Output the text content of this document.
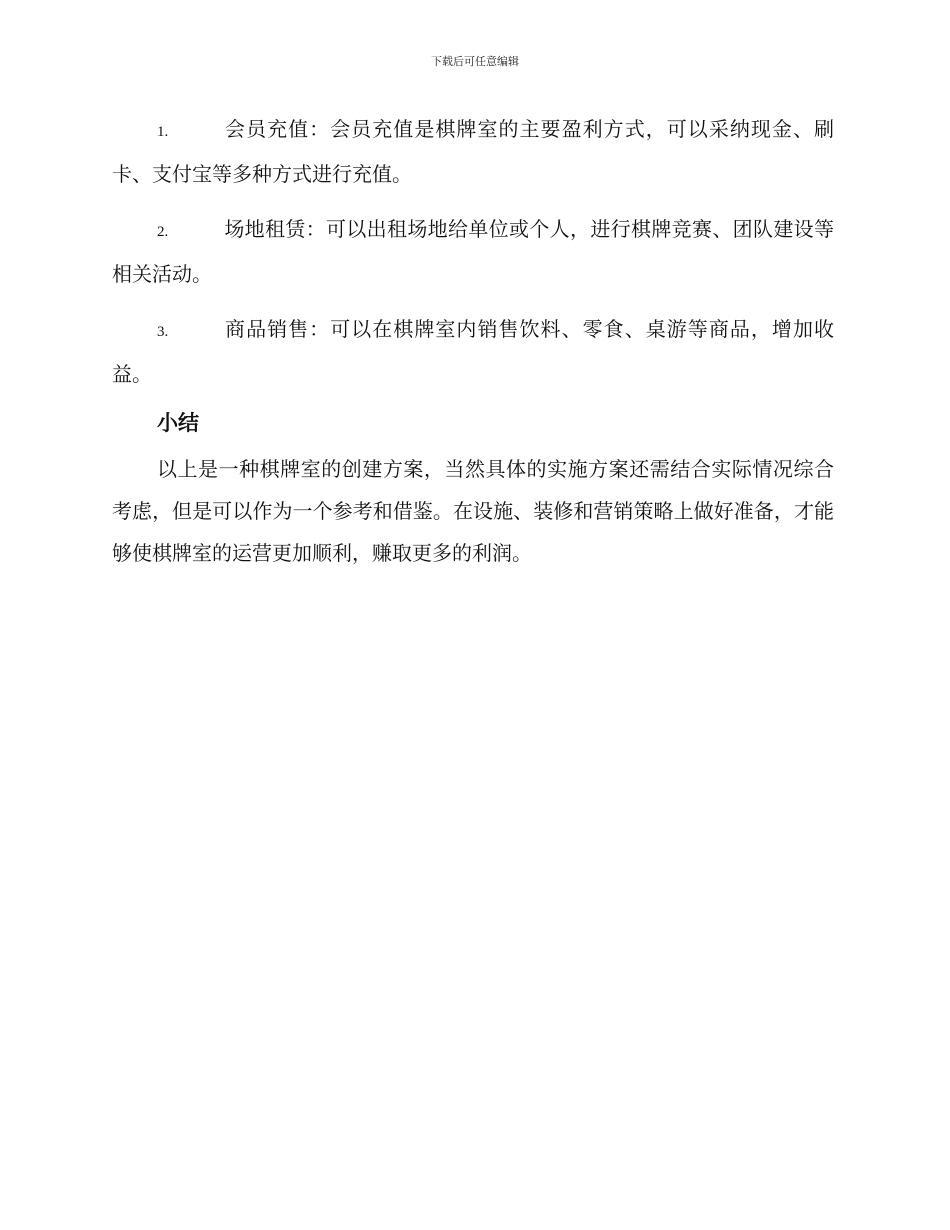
下载后可任意编辑
1.	会员充值：会员充值是棋牌室的主要盈利方式，可以采纳现金、刷卡、支付宝等多种方式进行充值。
2.	场地租赁：可以出租场地给单位或个人，进行棋牌竞赛、团队建设等相关活动。
3.	商品销售：可以在棋牌室内销售饮料、零食、桌游等商品，增加收益。
小结

以上是一种棋牌室的创建方案，当然具体的实施方案还需结合实际情况综合考虑，但是可以作为一个参考和借鉴。在设施、装修和营销策略上做好准备，才能够使棋牌室的运营更加顺利，赚取更多的利润。
